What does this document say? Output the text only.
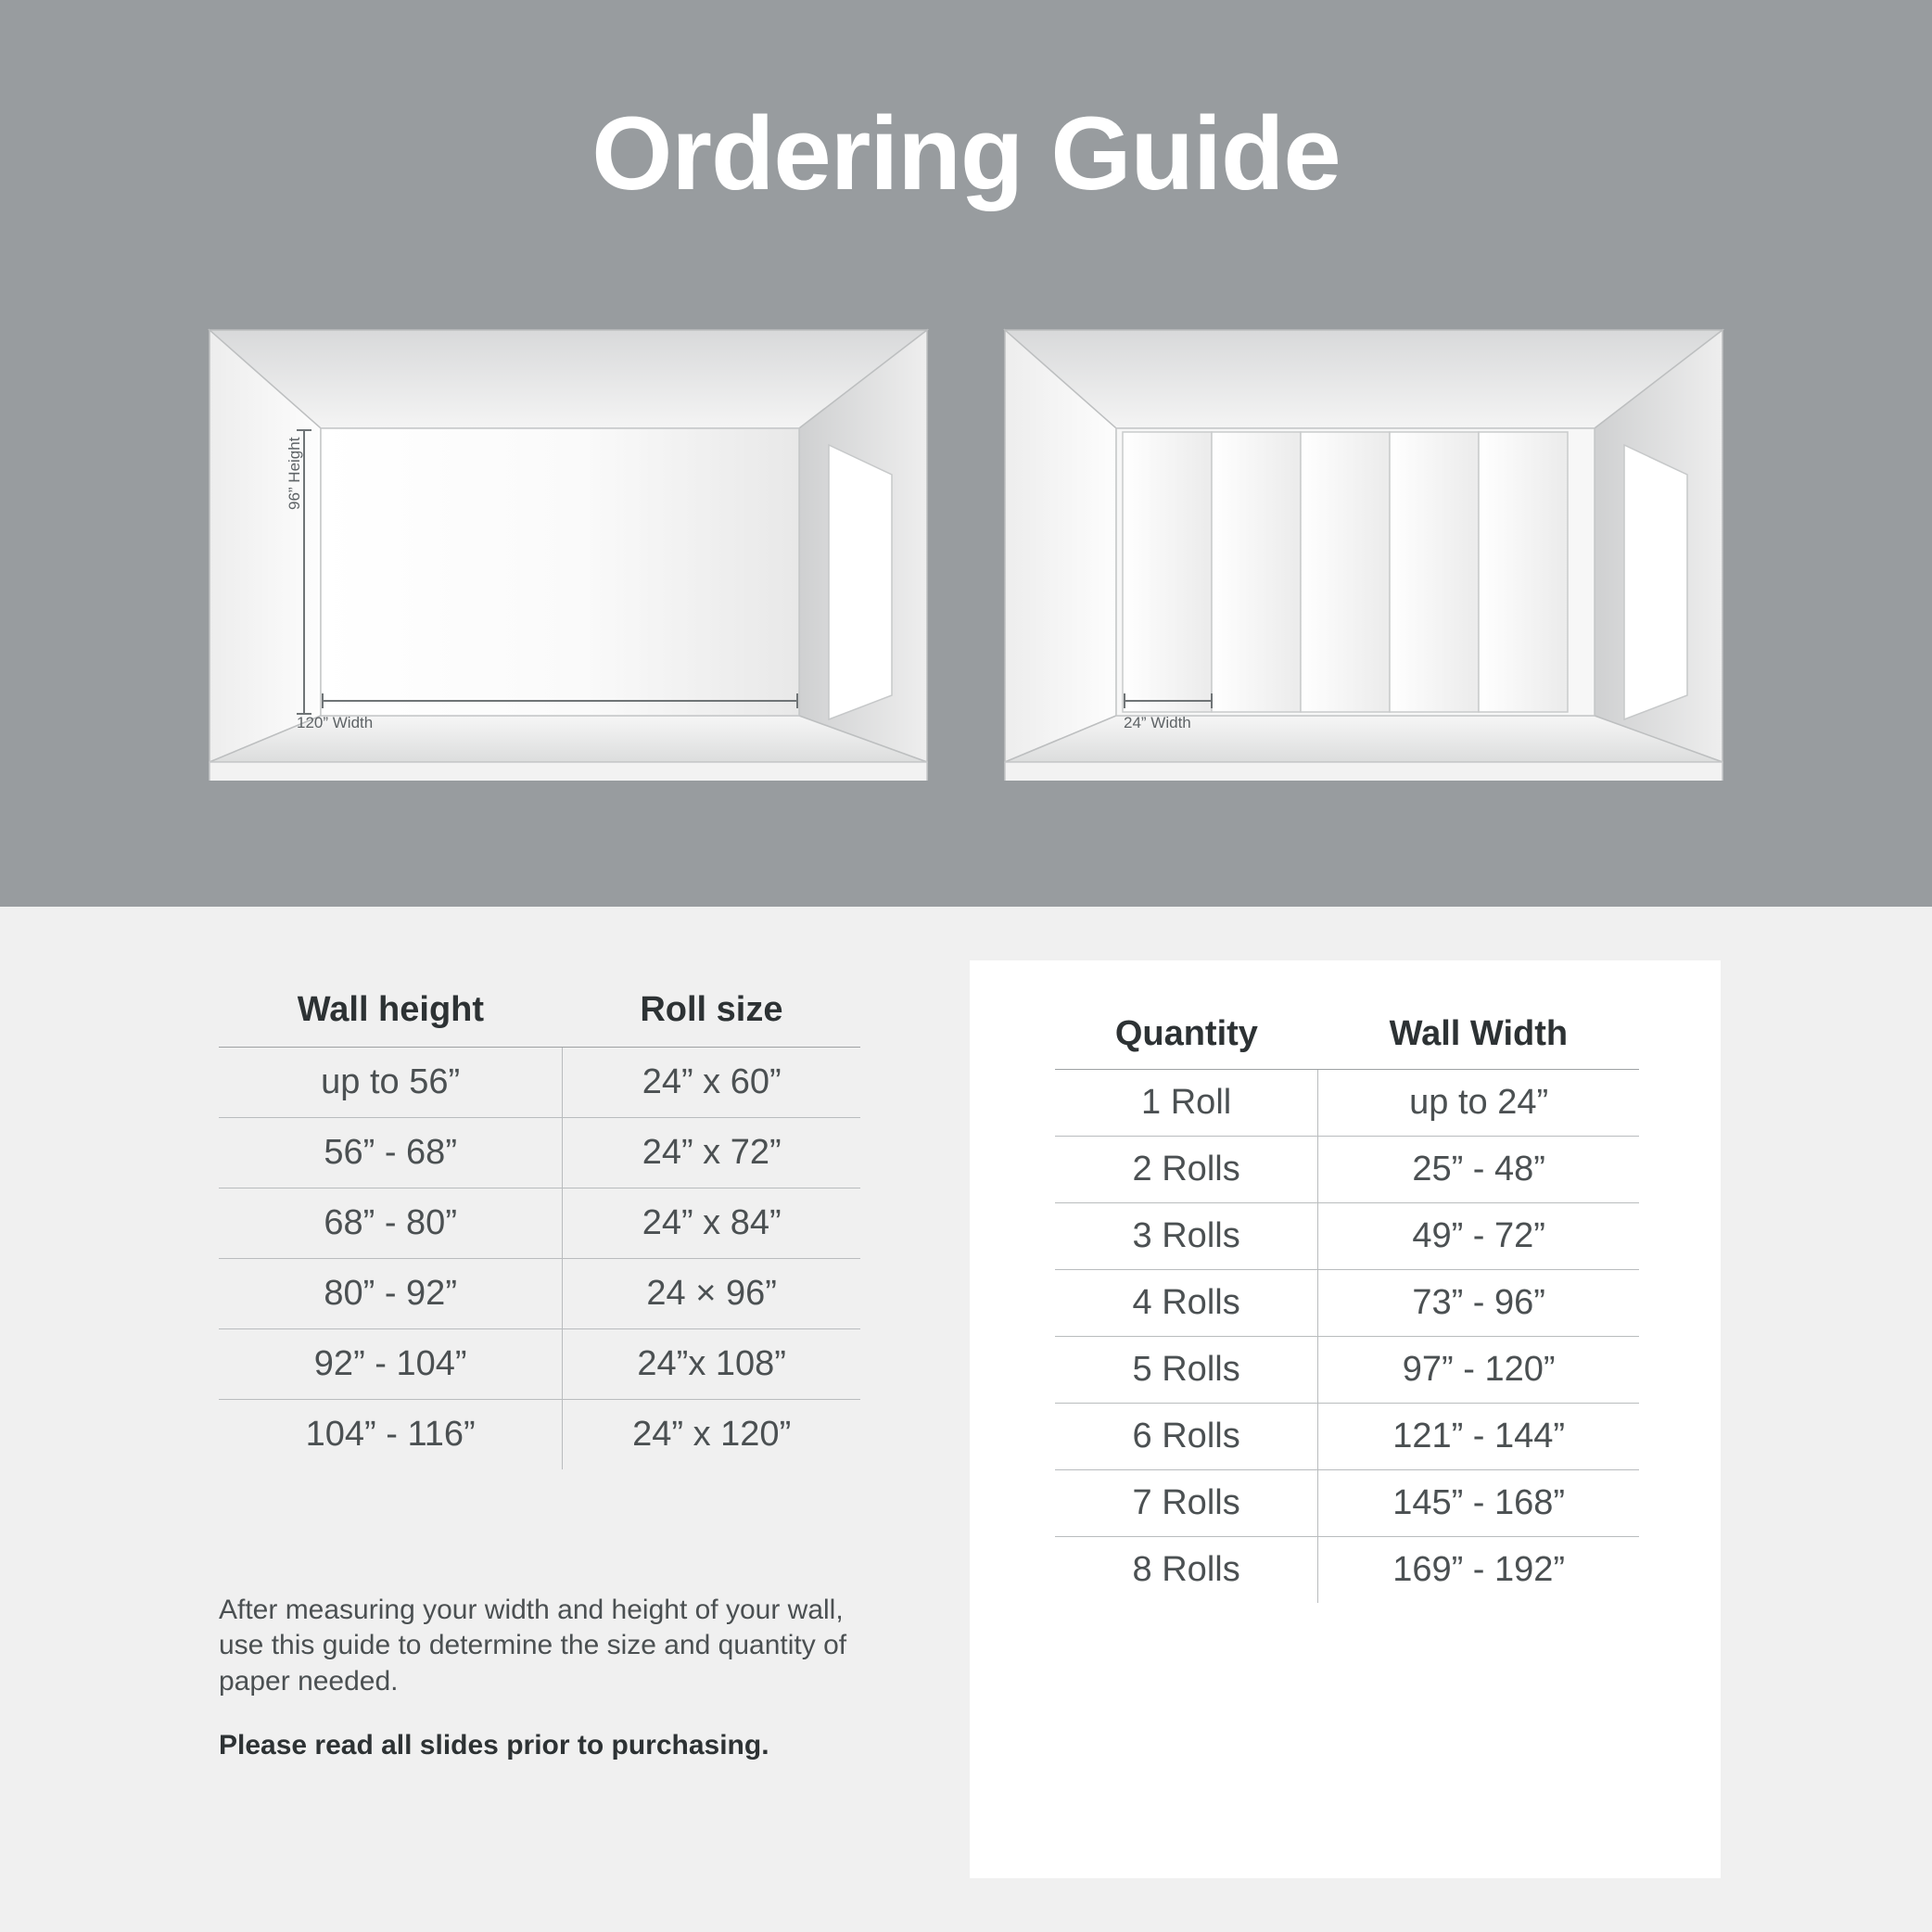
Ordering Guide
96” Height
120” Width	24” Width
Wall height	Roll size
up to 56”	24” x 60”
56” - 68”	24” x 72”
68” - 80”	24” x 84”
80” - 92”	24 × 96”
92” - 104”	24”x 108”
104” - 116”	24” x 120”
After measuring your width and height of your wall, use this guide to determine the size and quantity of paper needed.
Please read all slides prior to purchasing.
Quantity	Wall Width
1 Roll	up to 24”
2 Rolls	25” - 48”
3 Rolls	49” - 72”
4 Rolls	73” - 96”
5 Rolls	97” - 120”
6 Rolls	121” - 144”
7 Rolls	145” - 168”
8 Rolls	169” - 192”
